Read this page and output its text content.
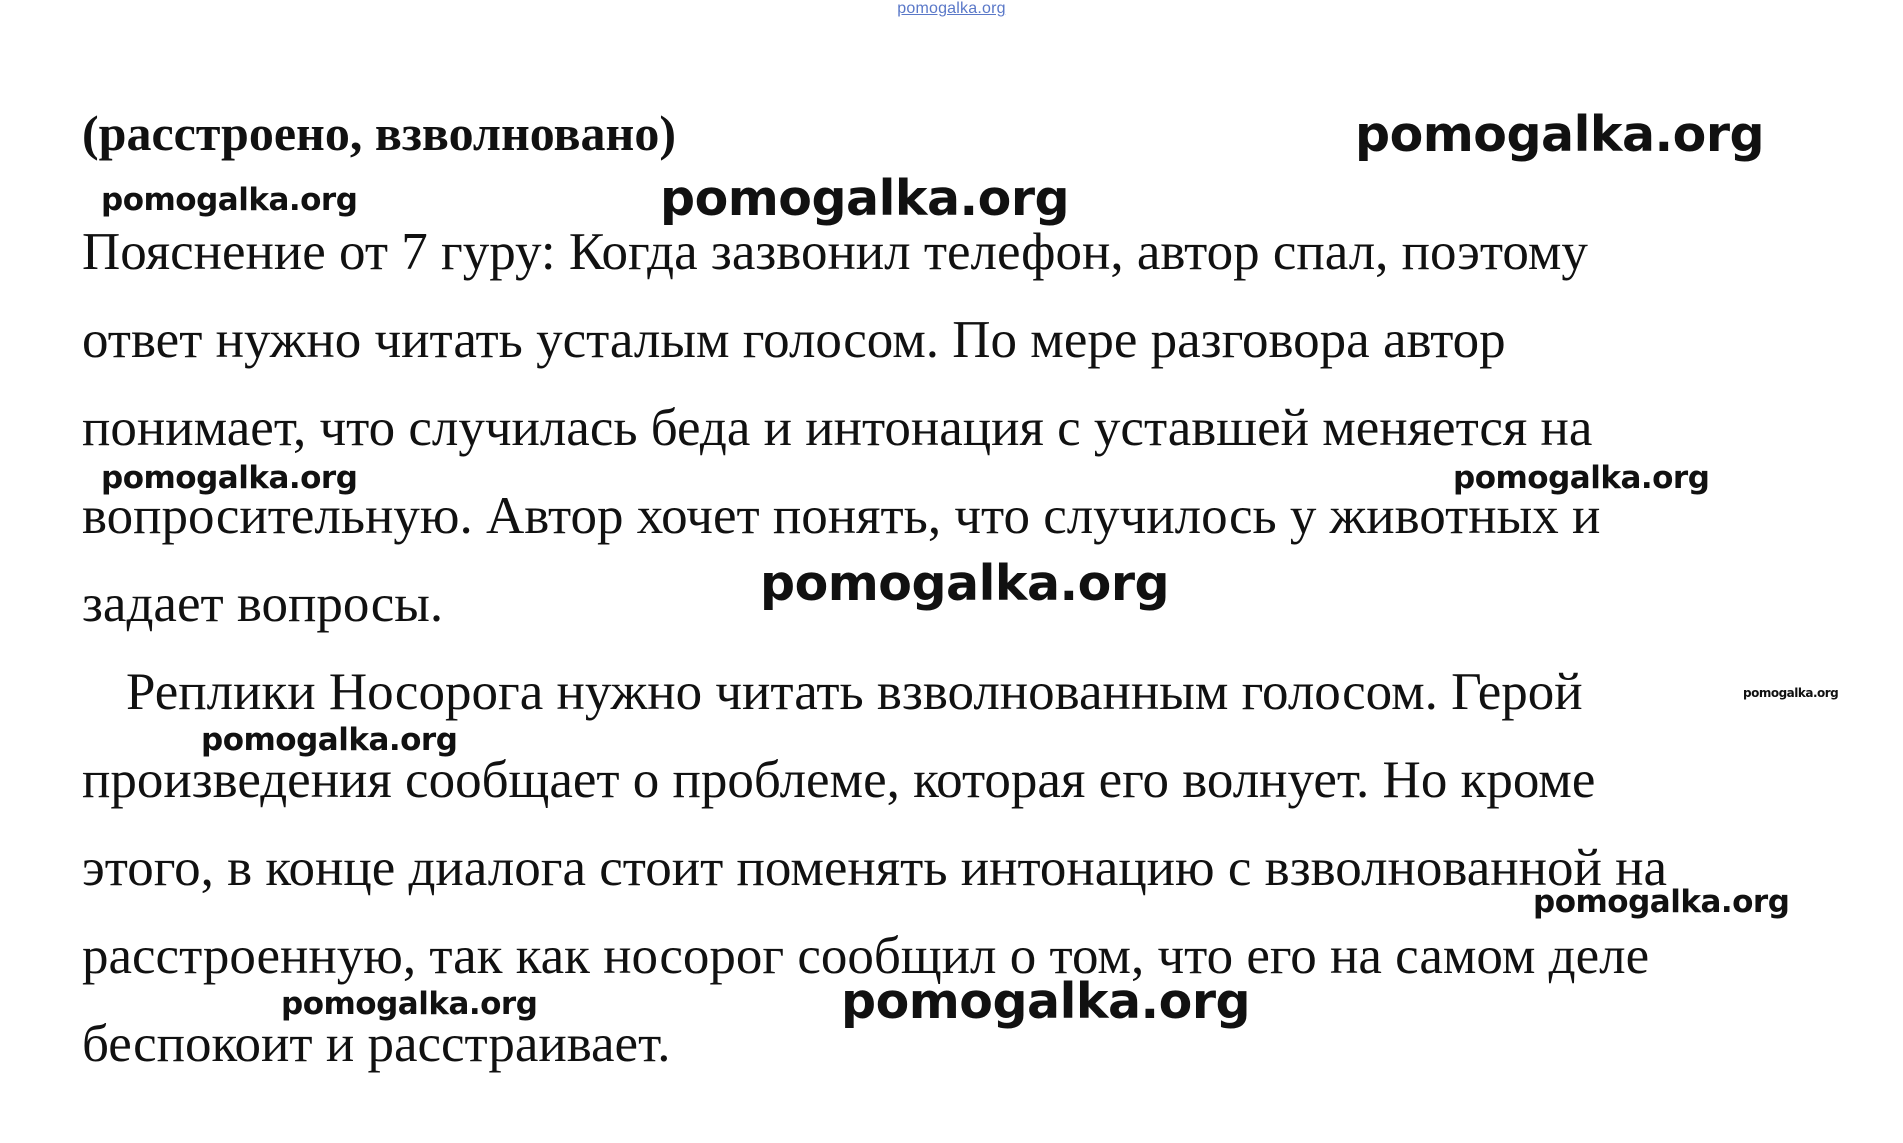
pomogalka.org
(расстроено, взволновано)
Пояснение от 7 гуру: Когда зазвонил телефон, автор спал, поэтому
ответ нужно читать усталым голосом. По мере разговора автор
понимает, что случилась беда и интонация с уставшей меняется на
вопросительную. Автор хочет понять, что случилось у животных и
задает вопросы.
Реплики Носорога нужно читать взволнованным голосом. Герой
произведения сообщает о проблеме, которая его волнует. Но кроме
этого, в конце диалога стоит поменять интонацию с взволнованной на
расстроенную, так как носорог сообщил о том, что его на самом деле
беспокоит и расстраивает.
pomogalka.org
pomogalka.org	pomogalka.org
pomogalka.org	pomogalka.org
pomogalka.org
pomogalka.org
pomogalka.org
pomogalka.org
pomogalka.org	pomogalka.org
